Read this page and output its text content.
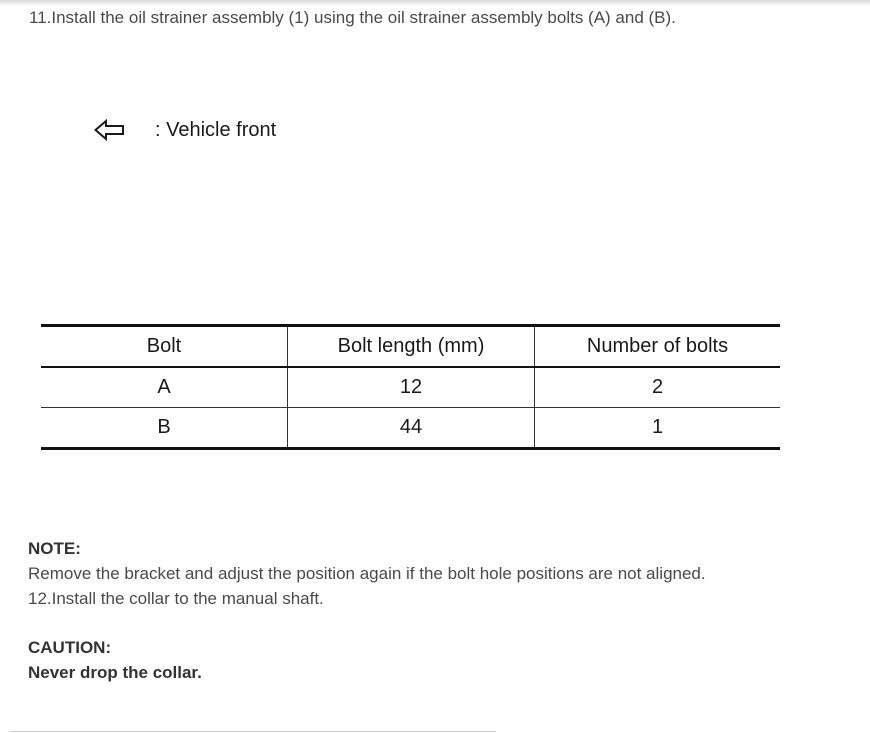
11.Install the oil strainer assembly (1) using the oil strainer assembly bolts (A) and (B).
: Vehicle front
Bolt	Bolt length (mm)	Number of bolts
A	12	2
B	44	1
NOTE:
Remove the bracket and adjust the position again if the bolt hole positions are not aligned.
12.Install the collar to the manual shaft.
CAUTION:
Never drop the collar.
